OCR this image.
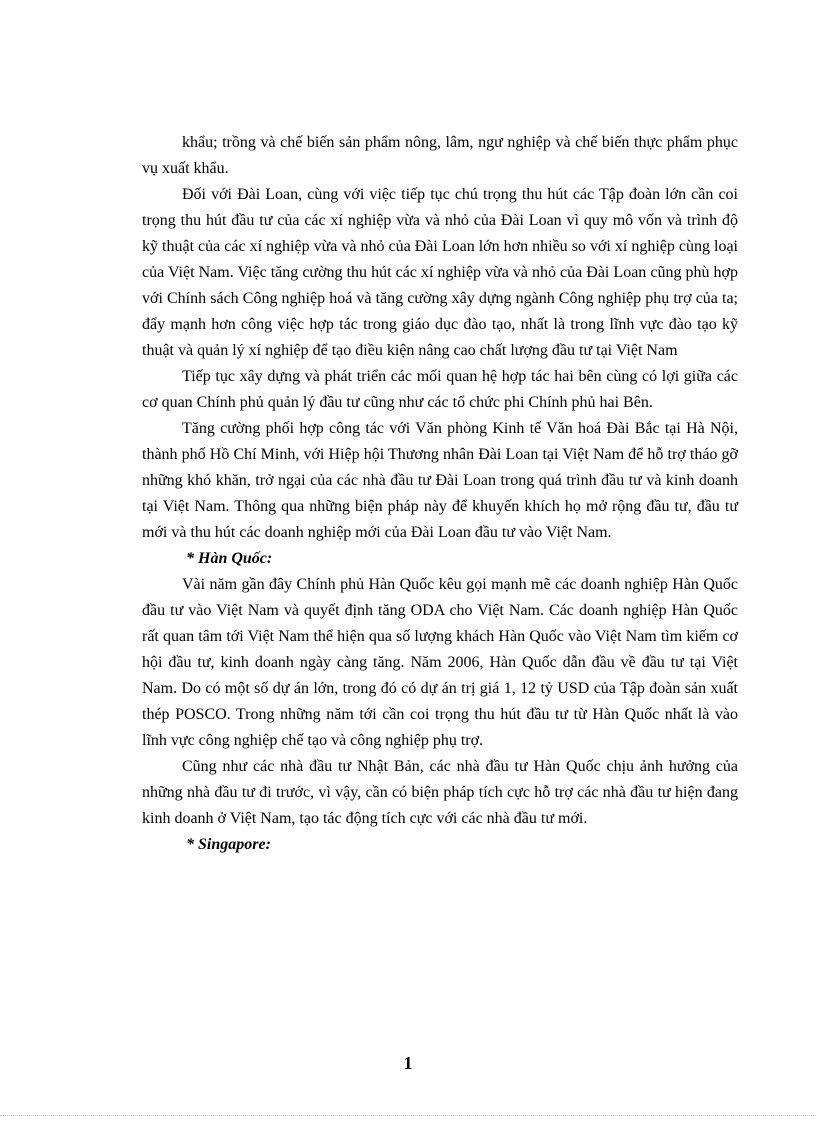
khẩu; trồng và chế biến sản phẩm nông, lâm, ngư nghiệp và chế biến thực phẩm phục vụ xuất khẩu.

Đối với Đài Loan, cùng với việc tiếp tục chú trọng thu hút các Tập đoàn lớn cần coi trọng thu hút đầu tư của các xí nghiệp vừa và nhỏ của Đài Loan vì quy mô vốn và trình độ kỹ thuật của các xí nghiệp vừa và nhỏ của Đài Loan lớn hơn nhiều so với xí nghiệp cùng loại của Việt Nam. Việc tăng cường thu hút các xí nghiệp vừa và nhỏ của Đài Loan cũng phù hợp với Chính sách Công nghiệp hoá và tăng cường xây dựng ngành Công nghiệp phụ trợ của ta; đẩy mạnh hơn công việc hợp tác trong giáo dục đào tạo, nhất là trong lĩnh vực đào tạo kỹ thuật và quản lý xí nghiệp để tạo điều kiện nâng cao chất lượng đầu tư tại Việt Nam

Tiếp tục xây dựng và phát triển các mối quan hệ hợp tác hai bên cùng có lợi giữa các cơ quan Chính phủ quản lý đầu tư cũng như các tổ chức phi Chính phủ hai Bên.

Tăng cường phối hợp công tác với Văn phòng Kinh tế Văn hoá Đài Bắc tại Hà Nội, thành phố Hồ Chí Minh, với Hiệp hội Thương nhân Đài Loan tại Việt Nam để hỗ trợ tháo gỡ những khó khăn, trở ngại của các nhà đầu tư Đài Loan trong quá trình đầu tư và kinh doanh tại Việt Nam. Thông qua những biện pháp này để khuyến khích họ mở rộng đầu tư, đầu tư mới và thu hút các doanh nghiệp mới của Đài Loan đầu tư vào Việt Nam.

* Hàn Quốc:

Vài năm gần đây Chính phủ Hàn Quốc kêu gọi mạnh mẽ các doanh nghiệp Hàn Quốc đầu tư vào Việt Nam và quyết định tăng ODA cho Việt Nam. Các doanh nghiệp Hàn Quốc rất quan tâm tới Việt Nam thể hiện qua số lượng khách Hàn Quốc vào Việt Nam tìm kiếm cơ hội đầu tư, kinh doanh ngày càng tăng. Năm 2006, Hàn Quốc dẫn đầu về đầu tư tại Việt Nam. Do có một số dự án lớn, trong đó có dự án trị giá 1, 12 tỷ USD của Tập đoàn sản xuất thép POSCO. Trong những năm tới cần coi trọng thu hút đầu tư từ Hàn Quốc nhất là vào lĩnh vực công nghiệp chế tạo và công nghiệp phụ trợ.

Cũng như các nhà đầu tư Nhật Bản, các nhà đầu tư Hàn Quốc chịu ảnh hưởng của những nhà đầu tư đi trước, vì vậy, cần có biện pháp tích cực hỗ trợ các nhà đầu tư hiện đang kinh doanh ở Việt Nam, tạo tác động tích cực với các nhà đầu tư mới.

* Singapore:

1
